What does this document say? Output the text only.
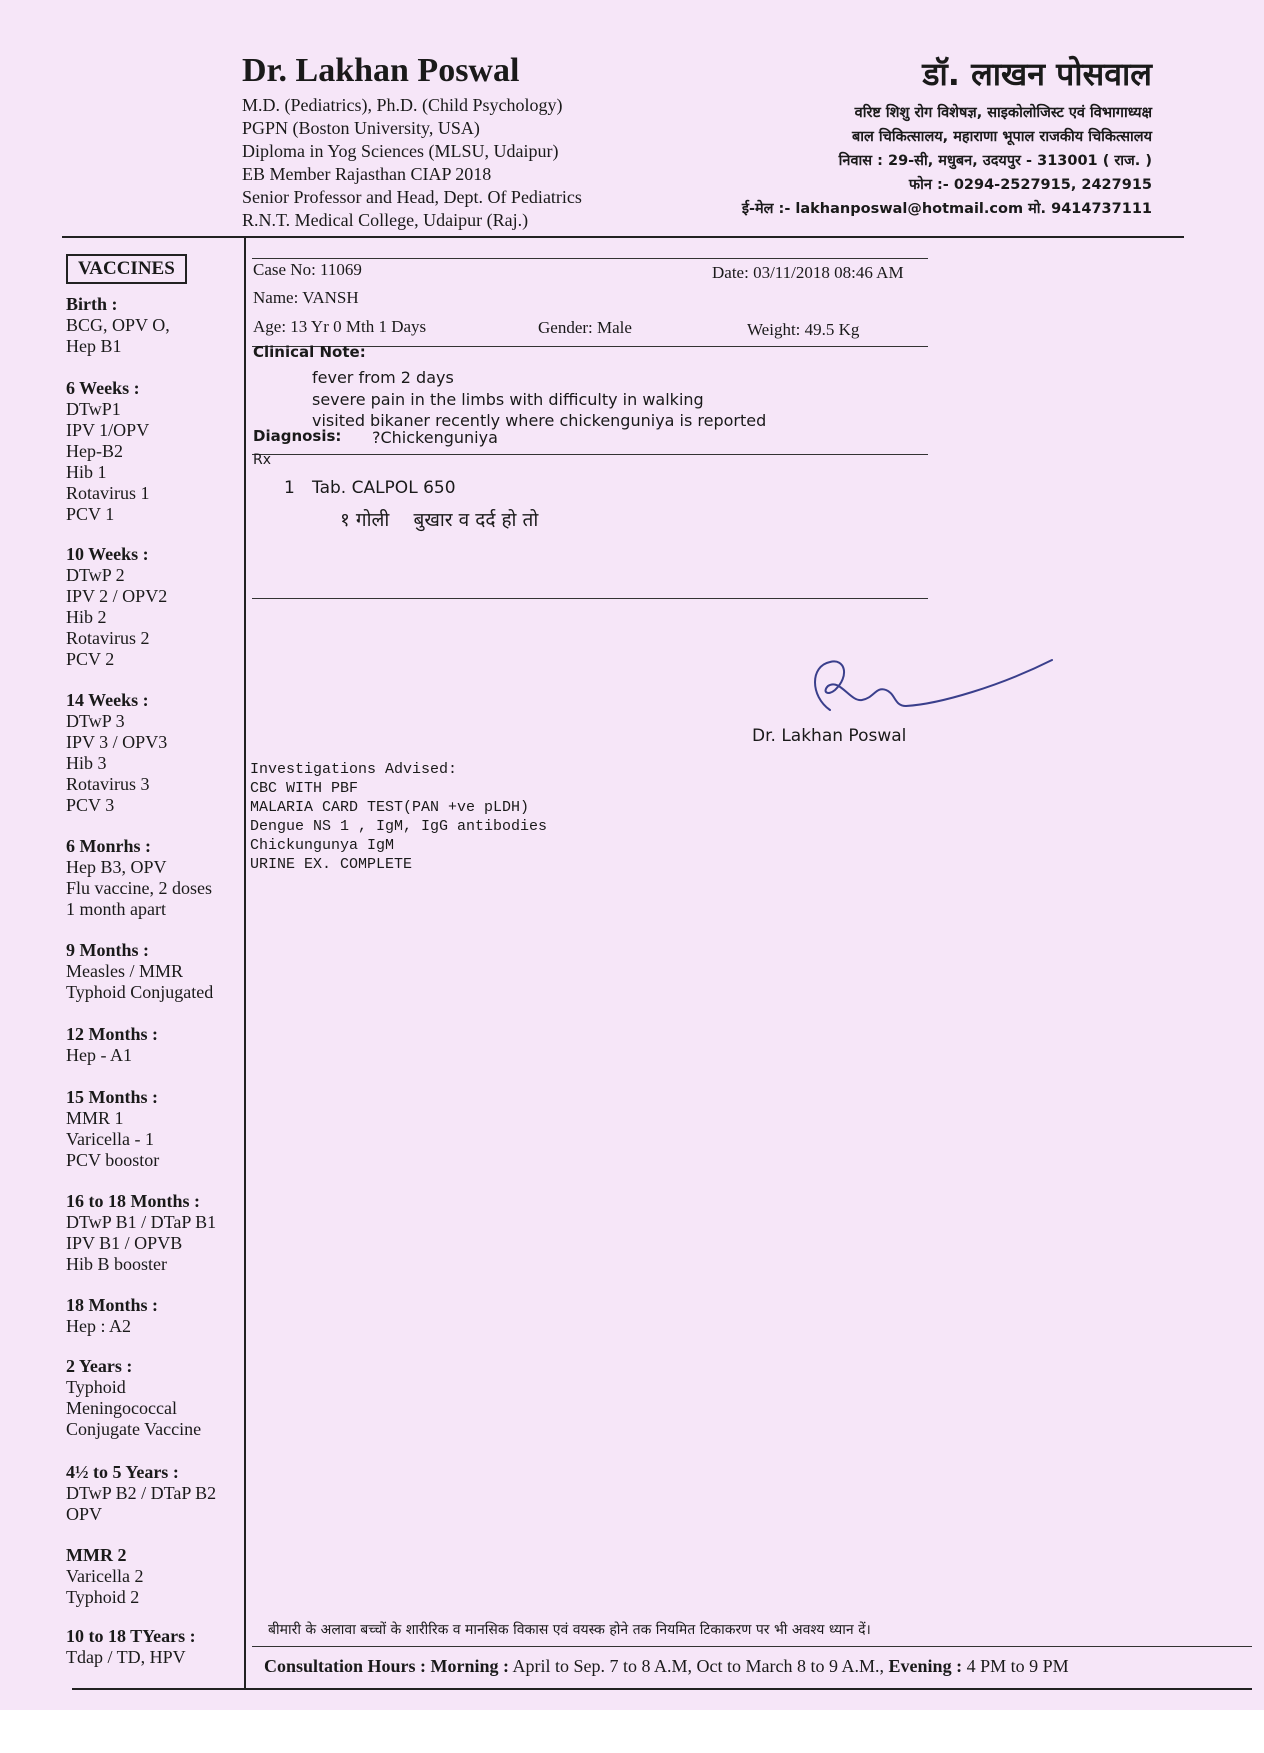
Dr. Lakhan Poswal
M.D. (Pediatrics), Ph.D. (Child Psychology)
PGPN (Boston University, USA)
Diploma in Yog Sciences (MLSU, Udaipur)
EB Member Rajasthan CIAP 2018
Senior Professor and Head, Dept. Of Pediatrics
R.N.T. Medical College, Udaipur (Raj.)
डॉ. लाखन पोसवाल
वरिष्ट शिशु रोग विशेषज्ञ, साइकोलोजिस्ट एवं विभागाध्यक्ष
बाल चिकित्सालय, महाराणा भूपाल राजकीय चिकित्सालय
निवास : 29-सी, मधुबन, उदयपुर - 313001 ( राज. )
फोन :- 0294-2527915, 2427915
ई-मेल :- lakhanposwal@hotmail.com मो. 9414737111
VACCINES
Birth :
BCG, OPV O,
Hep B1
6 Weeks :
DTwP1
IPV 1/OPV
Hep-B2
Hib 1
Rotavirus 1
PCV 1
10 Weeks :
DTwP 2
IPV 2 / OPV2
Hib 2
Rotavirus 2
PCV 2
14 Weeks :
DTwP 3
IPV 3 / OPV3
Hib 3
Rotavirus 3
PCV 3
6 Monrhs :
Hep B3, OPV
Flu vaccine, 2 doses
1 month apart
9 Months :
Measles / MMR
Typhoid Conjugated
12 Months :
Hep - A1
15 Months :
MMR 1
Varicella - 1
PCV boostor
16 to 18 Months :
DTwP B1 / DTaP B1
IPV B1 / OPVB
Hib B booster
18 Months :
Hep : A2
2 Years :
Typhoid
Meningococcal
Conjugate Vaccine
4½ to 5 Years :
DTwP B2 / DTaP B2
OPV
MMR 2
Varicella 2
Typhoid 2
10 to 18 TYears :
Tdap / TD, HPV
Case No: 11069	Date: 03/11/2018 08:46 AM
Name: VANSH
Age: 13 Yr 0 Mth 1 Days	Gender: Male	Weight: 49.5 Kg
Clinical Note:
fever from 2 days
severe pain in the limbs with difficulty in walking
visited bikaner recently where chickenguniya is reported
Diagnosis: ?Chickenguniya
Rx
1 Tab. CALPOL 650
१ गोली    बुखार व दर्द हो तो
Dr. Lakhan Poswal
Investigations Advised:
CBC WITH PBF
MALARIA CARD TEST(PAN +ve pLDH)
Dengue NS 1 , IgM, IgG antibodies
Chickungunya IgM
URINE EX. COMPLETE
बीमारी के अलावा बच्चों के शारीरिक व मानसिक विकास एवं वयस्क होने तक नियमित टिकाकरण पर भी अवश्य ध्यान दें।
Consultation Hours : Morning : April to Sep. 7 to 8 A.M, Oct to March 8 to 9 A.M., Evening : 4 PM to 9 PM
